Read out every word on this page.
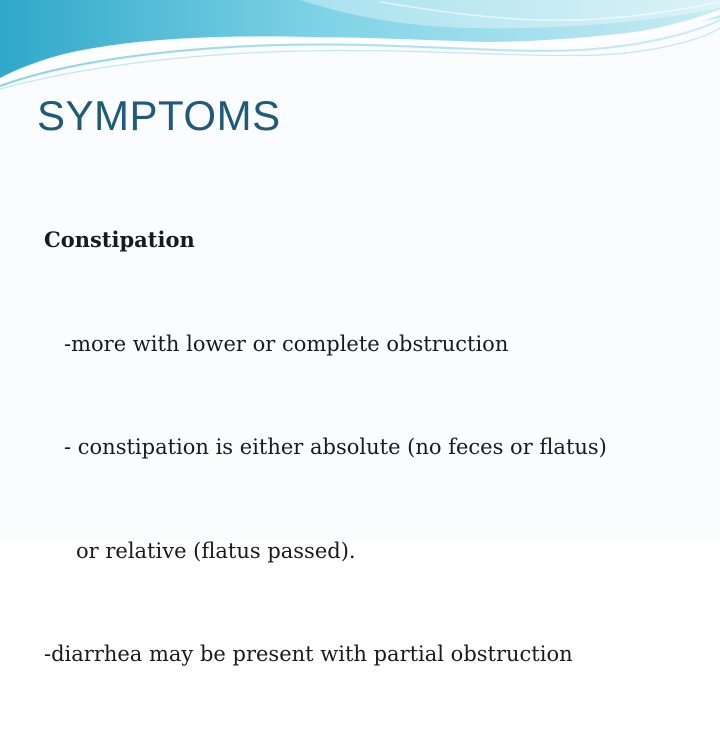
SYMPTOMS

Constipation

-more with lower or complete obstruction

- constipation is either absolute (no feces or flatus)

or relative (flatus passed).

-diarrhea may be present with partial obstruction
